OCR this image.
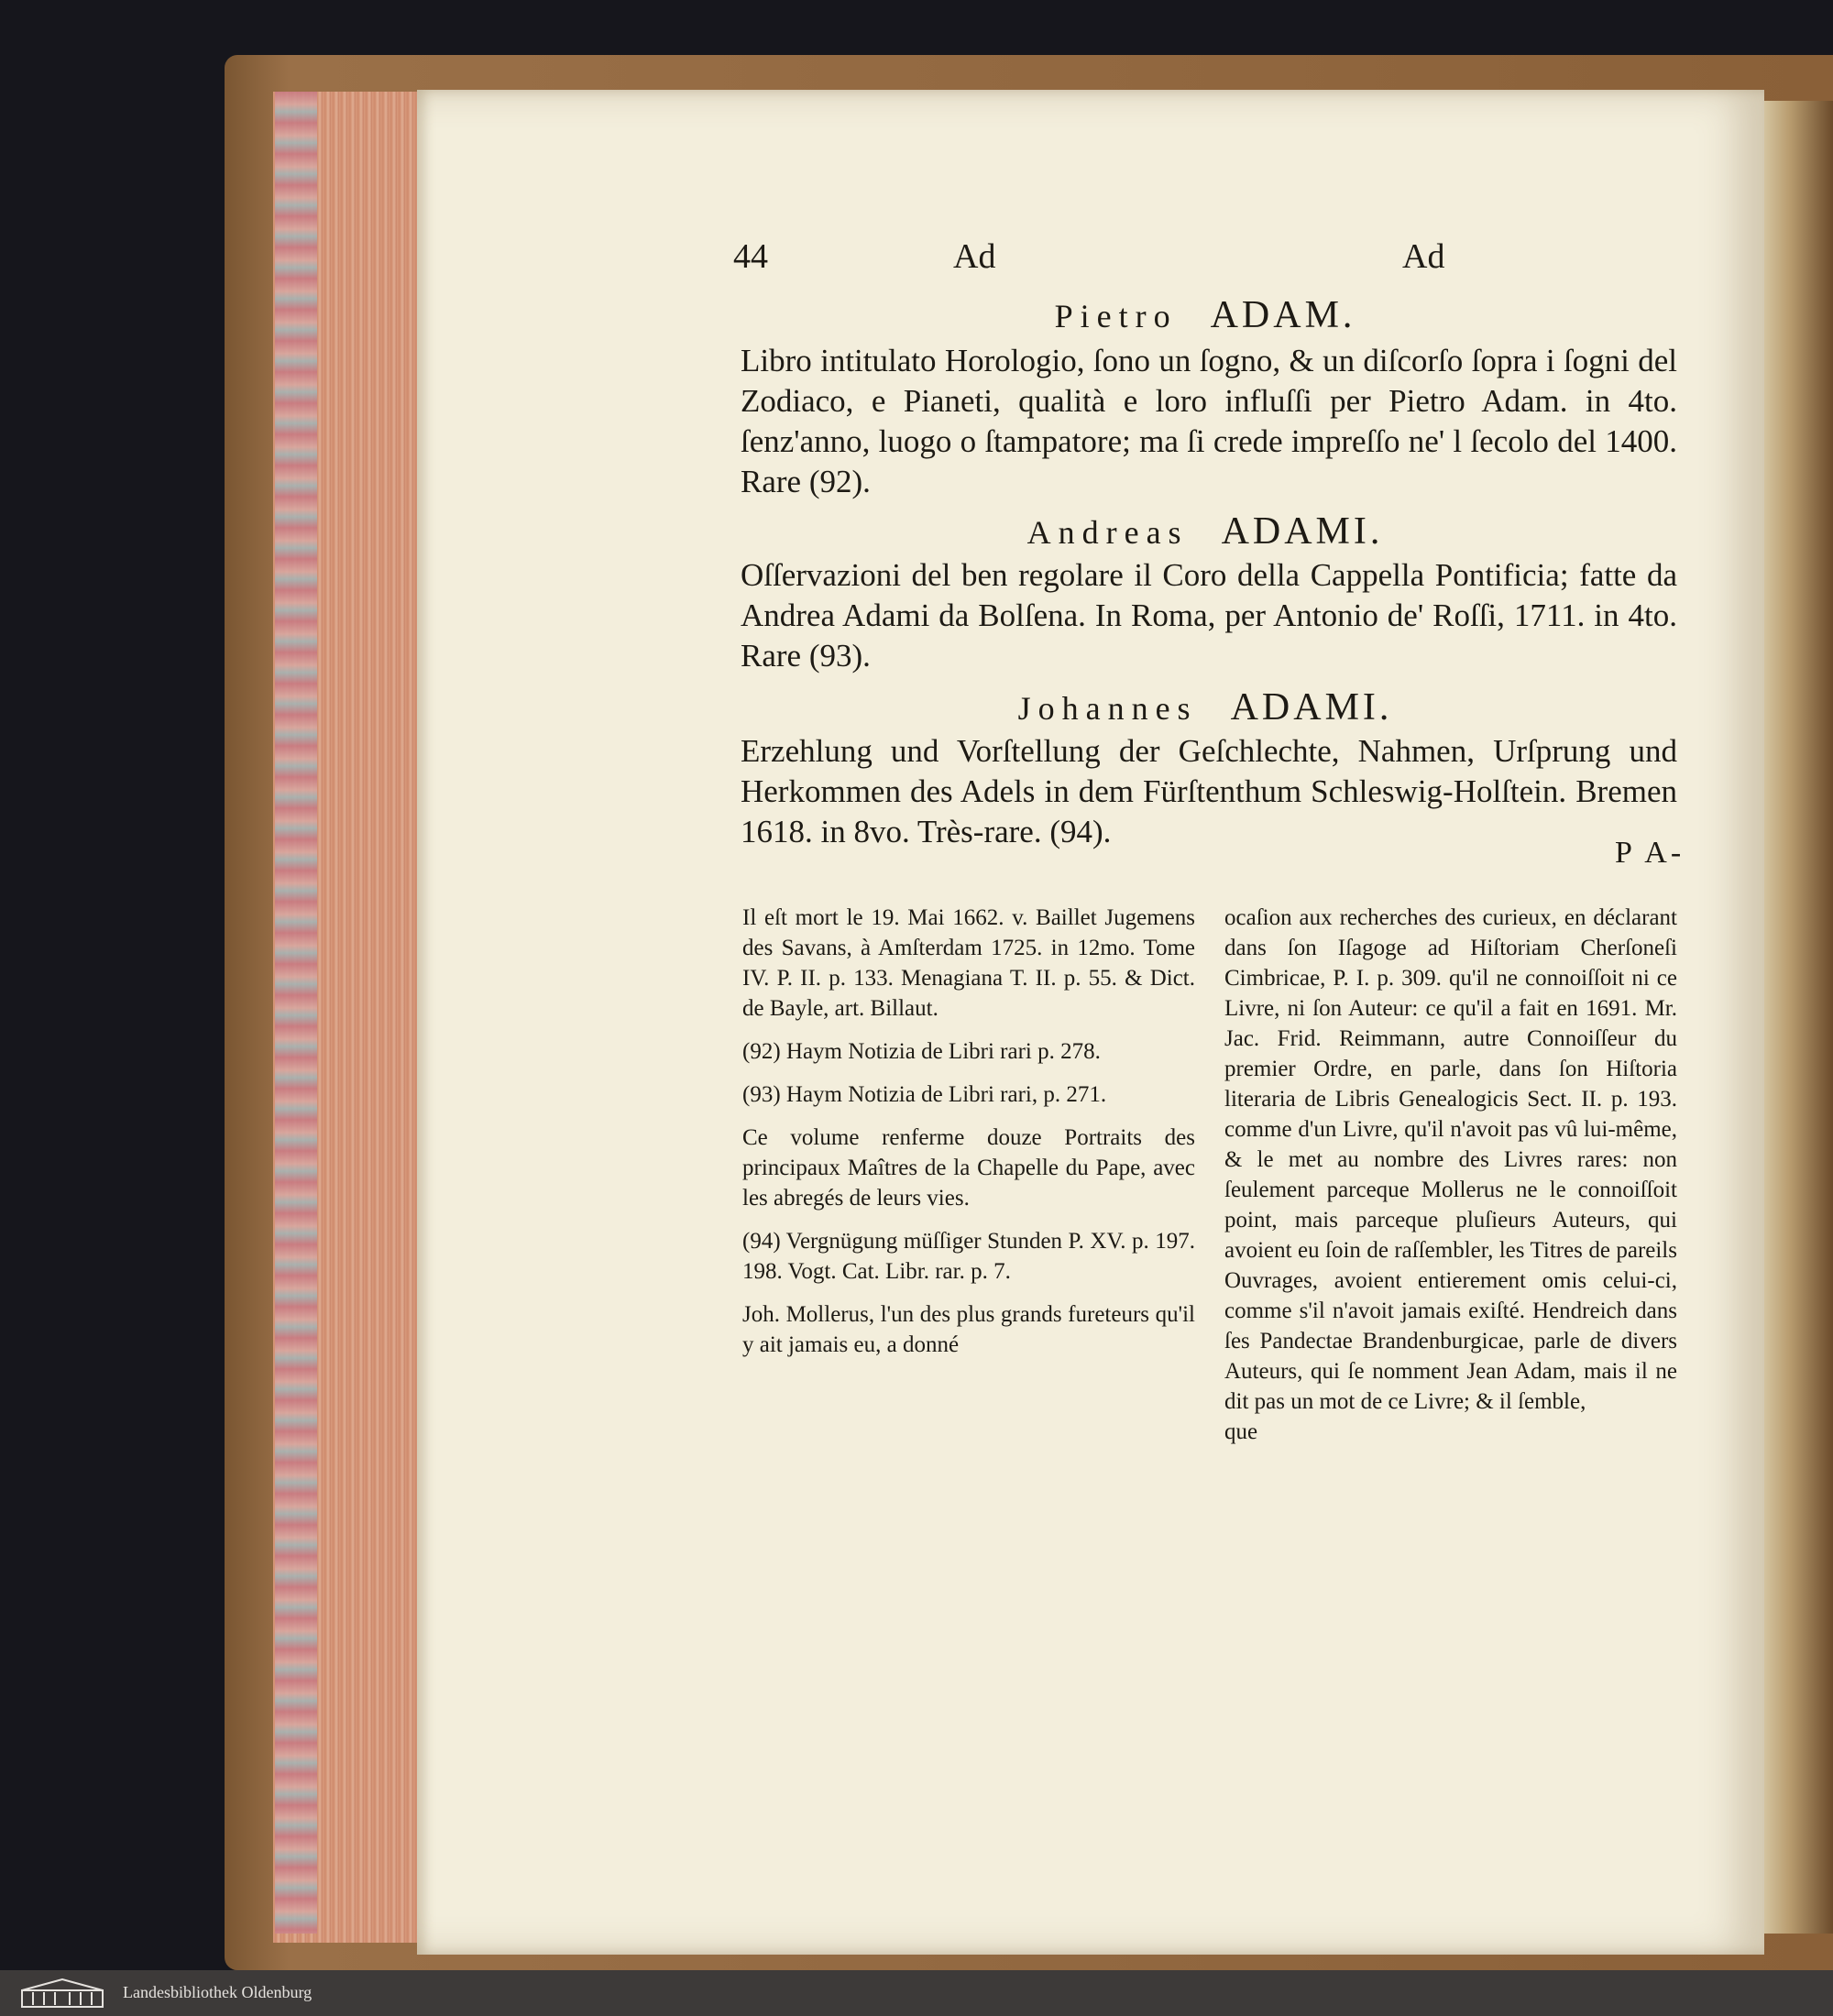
44	Ad	Ad
Pietro ADAM.
Libro intitulato Horologio, ſono un ſogno, & un diſcorſo ſopra i ſogni del Zodiaco, e Pianeti, qualità e loro influſſi per Pietro Adam. in 4to. ſenz'anno, luogo o ſtampatore; ma ſi crede impreſſo ne' l ſecolo del 1400. Rare (92).
Andreas ADAMI.
Oſſervazioni del ben regolare il Coro della Cappella Pontificia; fatte da Andrea Adami da Bolſena. In Roma, per Antonio de' Roſſi, 1711. in 4to. Rare (93).
Johannes ADAMI.
Erzehlung und Vorſtellung der Geſchlechte, Nahmen, Urſprung und Herkommen des Adels in dem Fürſtenthum Schleswig-Holſtein. Bremen 1618. in 8vo. Très-rare. (94).
P A-
Il eſt mort le 19. Mai 1662. v. Baillet Jugemens des Savans, à Amſterdam 1725. in 12mo. Tome IV. P. II. p. 133. Menagiana T. II. p. 55. & Dict. de Bayle, art. Billaut.
(92) Haym Notizia de Libri rari p. 278.
(93) Haym Notizia de Libri rari, p. 271.
Ce volume renferme douze Portraits des principaux Maîtres de la Chapelle du Pape, avec les abregés de leurs vies.
(94) Vergnügung müſſiger Stunden P. XV. p. 197. 198. Vogt. Cat. Libr. rar. p. 7.
Joh. Mollerus, l'un des plus grands fureteurs qu'il y ait jamais eu, a donné
ocaſion aux recherches des curieux, en déclarant dans ſon Iſagoge ad Hiſtoriam Cherſoneſi Cimbricae, P. I. p. 309. qu'il ne connoiſſoit ni ce Livre, ni ſon Auteur: ce qu'il a fait en 1691. Mr. Jac. Frid. Reimmann, autre Connoiſſeur du premier Ordre, en parle, dans ſon Hiſtoria literaria de Libris Genealogicis Sect. II. p. 193. comme d'un Livre, qu'il n'avoit pas vû lui-même, & le met au nombre des Livres rares: non ſeulement parceque Mollerus ne le connoiſſoit point, mais parceque pluſieurs Auteurs, qui avoient eu ſoin de raſſembler, les Titres de pareils Ouvrages, avoient entierement omis celui-ci, comme s'il n'avoit jamais exiſté. Hendreich dans ſes Pandectae Brandenburgicae, parle de divers Auteurs, qui ſe nomment Jean Adam, mais il ne dit pas un mot de ce Livre; & il ſemble,
que
Landesbibliothek Oldenburg
